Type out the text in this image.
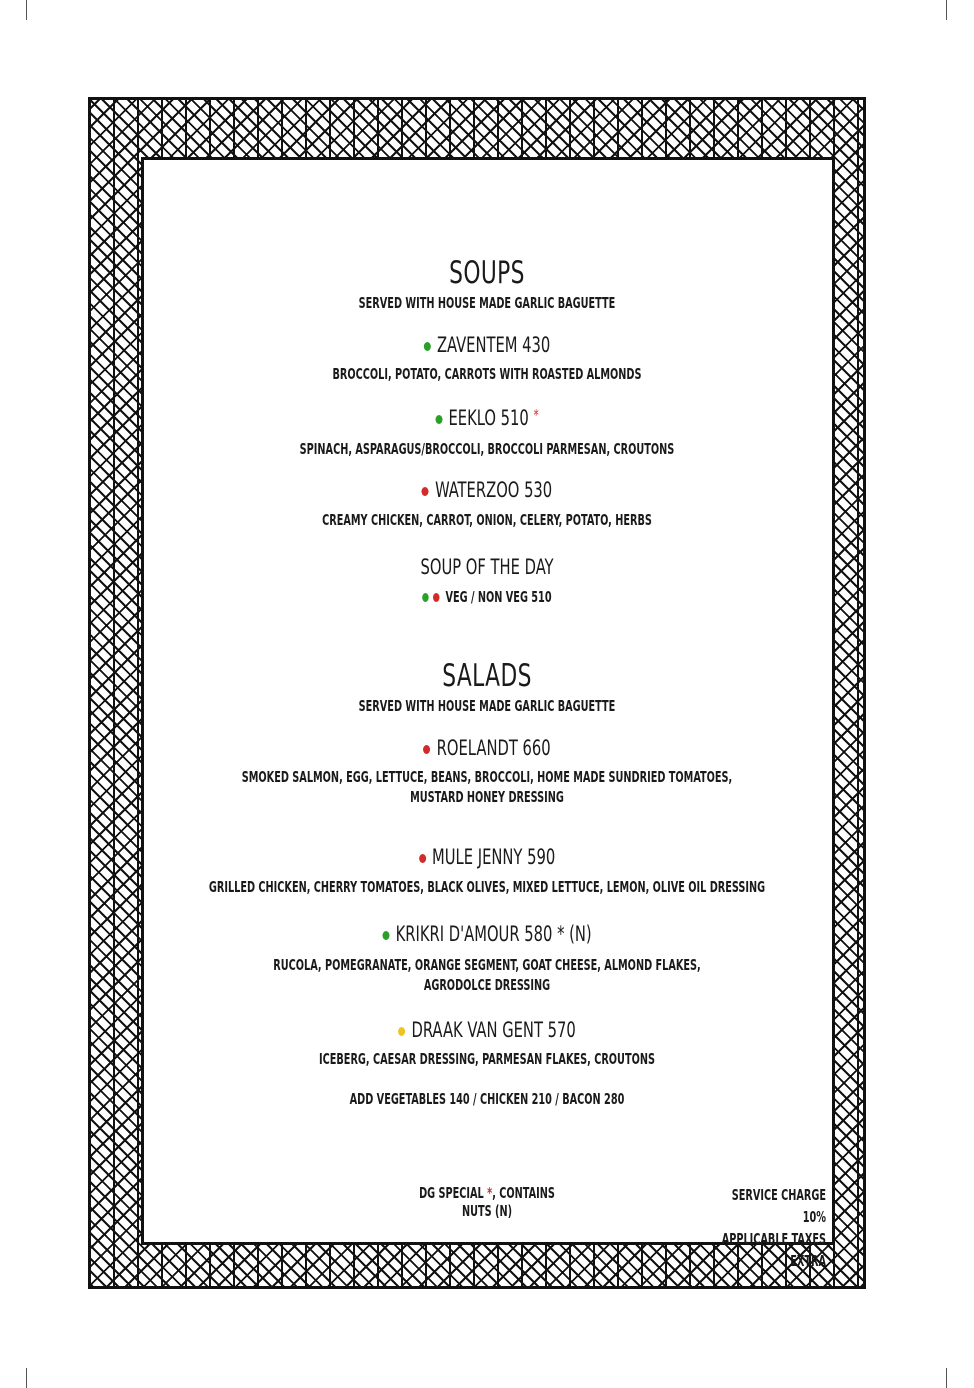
SOUPS
SERVED WITH HOUSE MADE GARLIC BAGUETTE
ZAVENTEM 430
BROCCOLI, POTATO, CARROTS WITH ROASTED ALMONDS
EEKLO 510 *
SPINACH, ASPARAGUS/BROCCOLI, BROCCOLI PARMESAN, CROUTONS
WATERZOO 530
CREAMY CHICKEN, CARROT, ONION, CELERY, POTATO, HERBS
SOUP OF THE DAY
VEG / NON VEG 510
SALADS
SERVED WITH HOUSE MADE GARLIC BAGUETTE
ROELANDT 660
SMOKED SALMON, EGG, LETTUCE, BEANS, BROCCOLI, HOME MADE SUNDRIED TOMATOES,
MUSTARD HONEY DRESSING
MULE JENNY 590
GRILLED CHICKEN, CHERRY TOMATOES, BLACK OLIVES, MIXED LETTUCE, LEMON, OLIVE OIL DRESSING
KRIKRI D'AMOUR 580 * (N)
RUCOLA, POMEGRANATE, ORANGE SEGMENT, GOAT CHEESE, ALMOND FLAKES,
AGRODOLCE DRESSING
DRAAK VAN GENT 570
ICEBERG, CAESAR DRESSING, PARMESAN FLAKES, CROUTONS
ADD VEGETABLES 140 / CHICKEN 210 / BACON 280
DG SPECIAL *, CONTAINS NUTS (N)
SERVICE CHARGE 10%
APPLICABLE TAXES EXTRA
